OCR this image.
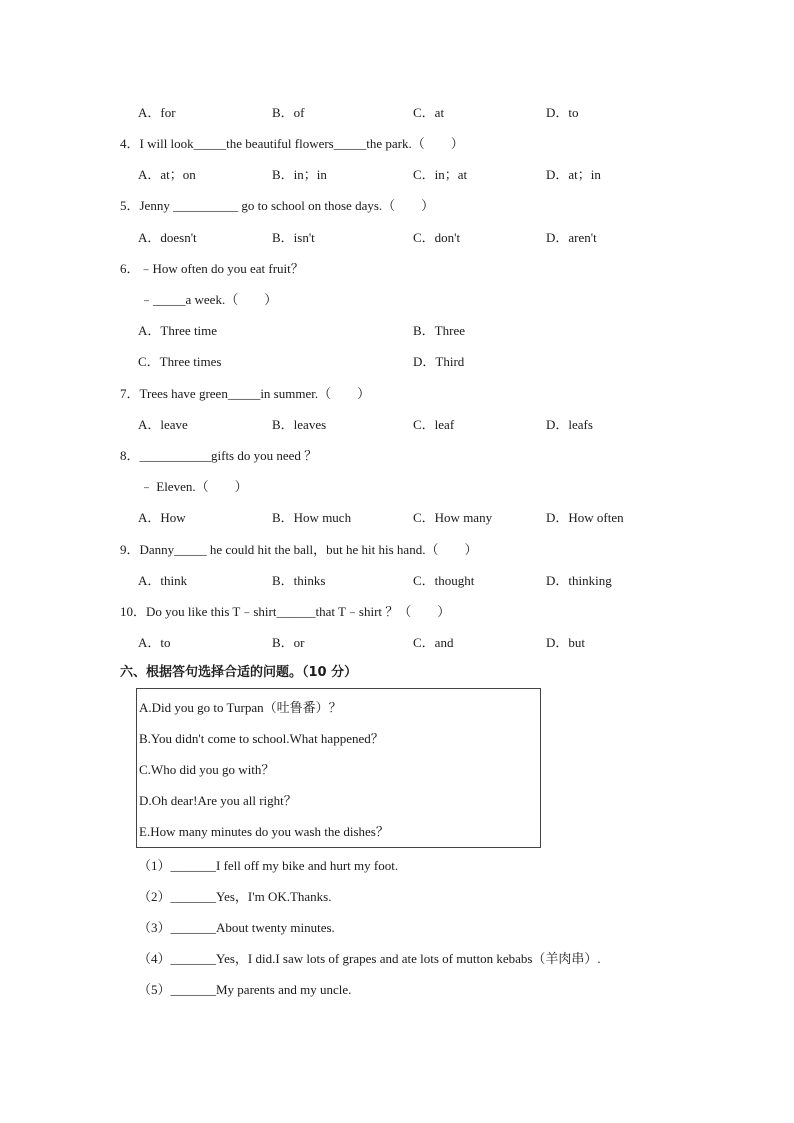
A．for	B．of	C．at	D．to
4．I will look_____the beautiful flowers_____the park.（　　）
A．at；on	B．in；in	C．in；at	D．at；in
5．Jenny __________ go to school on those days.（　　）
A．doesn't	B．isn't	C．don't	D．aren't
6．﹣How often do you eat fruit？
﹣_____a week.（　　）
A．Three time	B．Three
C．Three times	D．Third
7．Trees have green_____in summer.（　　）
A．leave	B．leaves	C．leaf	D．leafs
8．___________gifts do you need ？
﹣ Eleven.（　　）
A．How	B．How much	C．How many	D．How often
9．Danny_____ he could hit the ball，but he hit his hand.（　　）
A．think	B．thinks	C．thought	D．thinking
10．Do you like this T﹣shirt______that T﹣shirt ？（　　）
A．to	B．or	C．and	D．but
六、根据答句选择合适的问题。（10 分）
A.Did you go to Turpan（吐鲁番）？
B.You didn't come to school.What happened？
C.Who did you go with？
D.Oh dear!Are you all right？
E.How many minutes do you wash the dishes？
（1）_______I fell off my bike and hurt my foot.
（2）_______Yes，I'm OK.Thanks.
（3）_______About twenty minutes.
（4）_______Yes，I did.I saw lots of grapes and ate lots of mutton kebabs（羊肉串）.
（5）_______My parents and my uncle.
